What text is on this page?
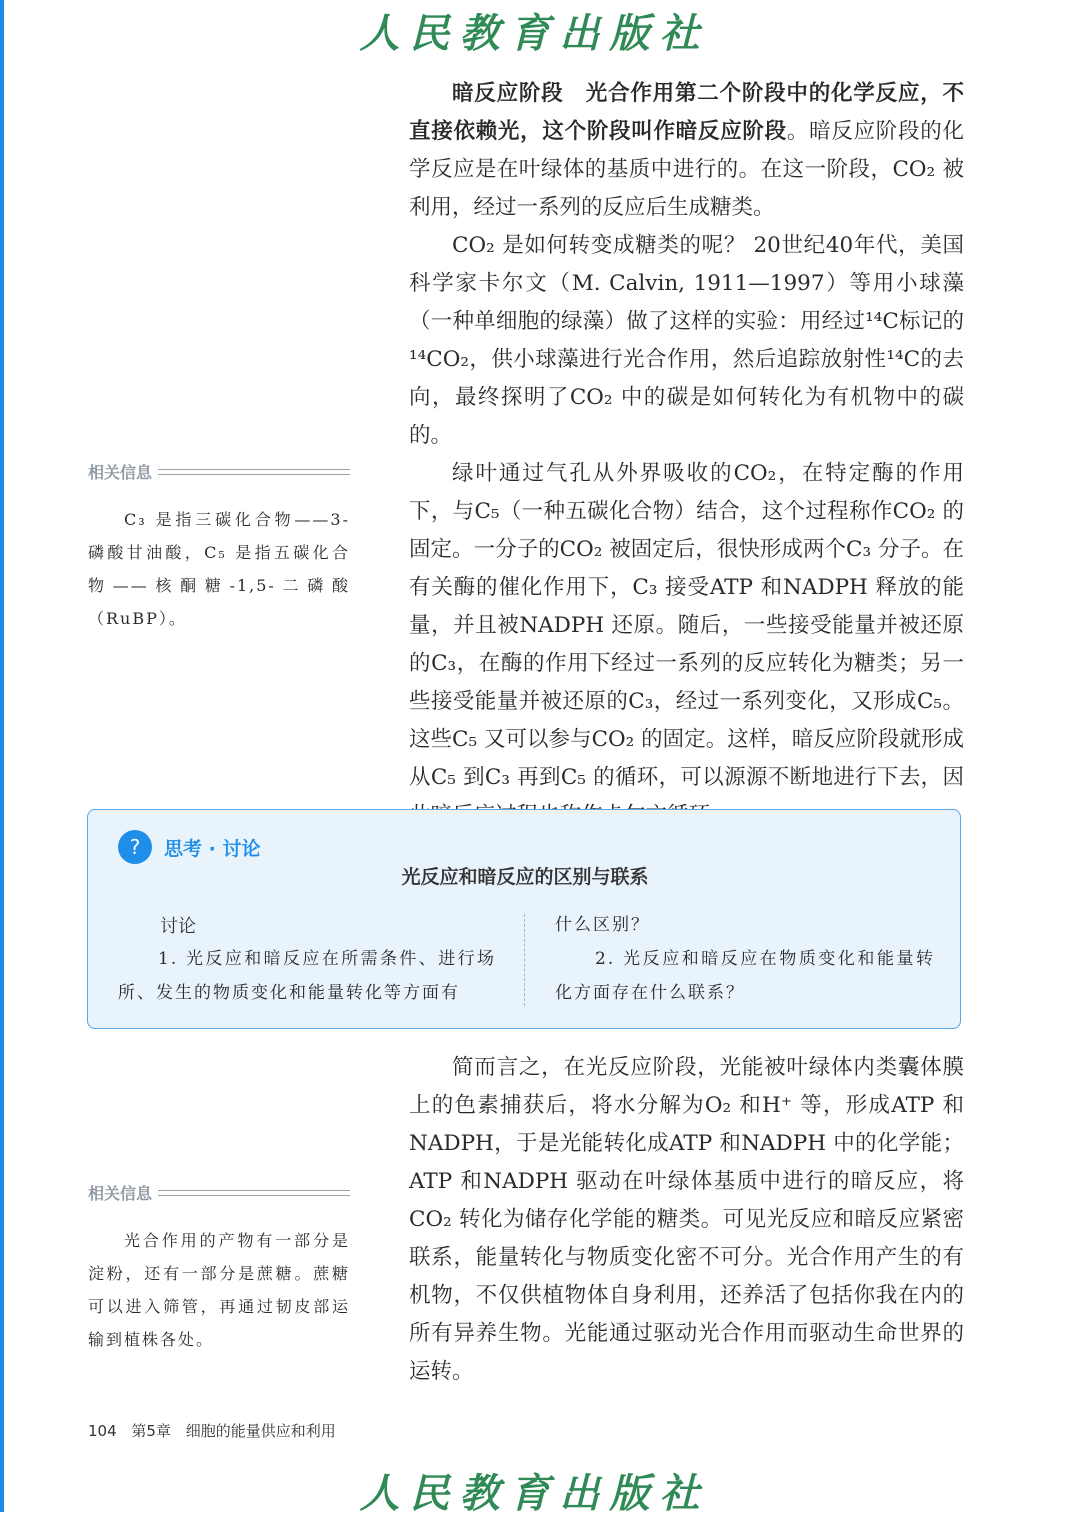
人民教育出版社

暗反应阶段　光合作用第二个阶段中的化学反应，不直接依赖光，这个阶段叫作暗反应阶段。暗反应阶段的化学反应是在叶绿体的基质中进行的。在这一阶段，CO₂ 被利用，经过一系列的反应后生成糖类。

CO₂ 是如何转变成糖类的呢？ 20世纪40年代，美国科学家卡尔文（M. Calvin, 1911—1997）等用小球藻（一种单细胞的绿藻）做了这样的实验：用经过¹⁴C标记的¹⁴CO₂，供小球藻进行光合作用，然后追踪放射性¹⁴C的去向，最终探明了CO₂ 中的碳是如何转化为有机物中的碳的。

绿叶通过气孔从外界吸收的CO₂，在特定酶的作用下，与C₅（一种五碳化合物）结合，这个过程称作CO₂ 的固定。一分子的CO₂ 被固定后，很快形成两个C₃ 分子。在有关酶的催化作用下，C₃ 接受ATP 和NADPH 释放的能量，并且被NADPH 还原。随后，一些接受能量并被还原的C₃，在酶的作用下经过一系列的反应转化为糖类；另一些接受能量并被还原的C₃，经过一系列变化，又形成C₅。这些C₅ 又可以参与CO₂ 的固定。这样，暗反应阶段就形成从C₅ 到C₃ 再到C₅ 的循环，可以源源不断地进行下去，因

相关信息
C₃ 是指三碳化合物——3-磷酸甘油酸，C₅ 是指五碳化合物——核酮糖-1,5-二磷酸（RuBP）。
?	思考 · 讨论
光反应和暗反应的区别与联系
讨论
1. 光反应和暗反应在所需条件、进行场所、发生的物质变化和能量转化等方面有
什么区别？
2. 光反应和暗反应在物质变化和能量转化方面存在什么联系？

简而言之，在光反应阶段，光能被叶绿体内类囊体膜上的色素捕获后，将水分解为O₂ 和H⁺ 等，形成ATP 和NADPH，于是光能转化成ATP 和NADPH 中的化学能；ATP 和NADPH 驱动在叶绿体基质中进行的暗反应，将CO₂ 转化为储存化学能的糖类。可见光反应和暗反应紧密联系，能量转化与物质变化密不可分。光合作用产生的有机物，不仅供植物体自身利用，还养活了包括你我在内的所有异养生物。光能通过驱动光合作用而驱动生命世界的运转。

相关信息
光合作用的产物有一部分是淀粉，还有一部分是蔗糖。蔗糖可以进入筛管，再通过韧皮部运输到植株各处。
104 第5章 细胞的能量供应和利用
人民教育出版社
